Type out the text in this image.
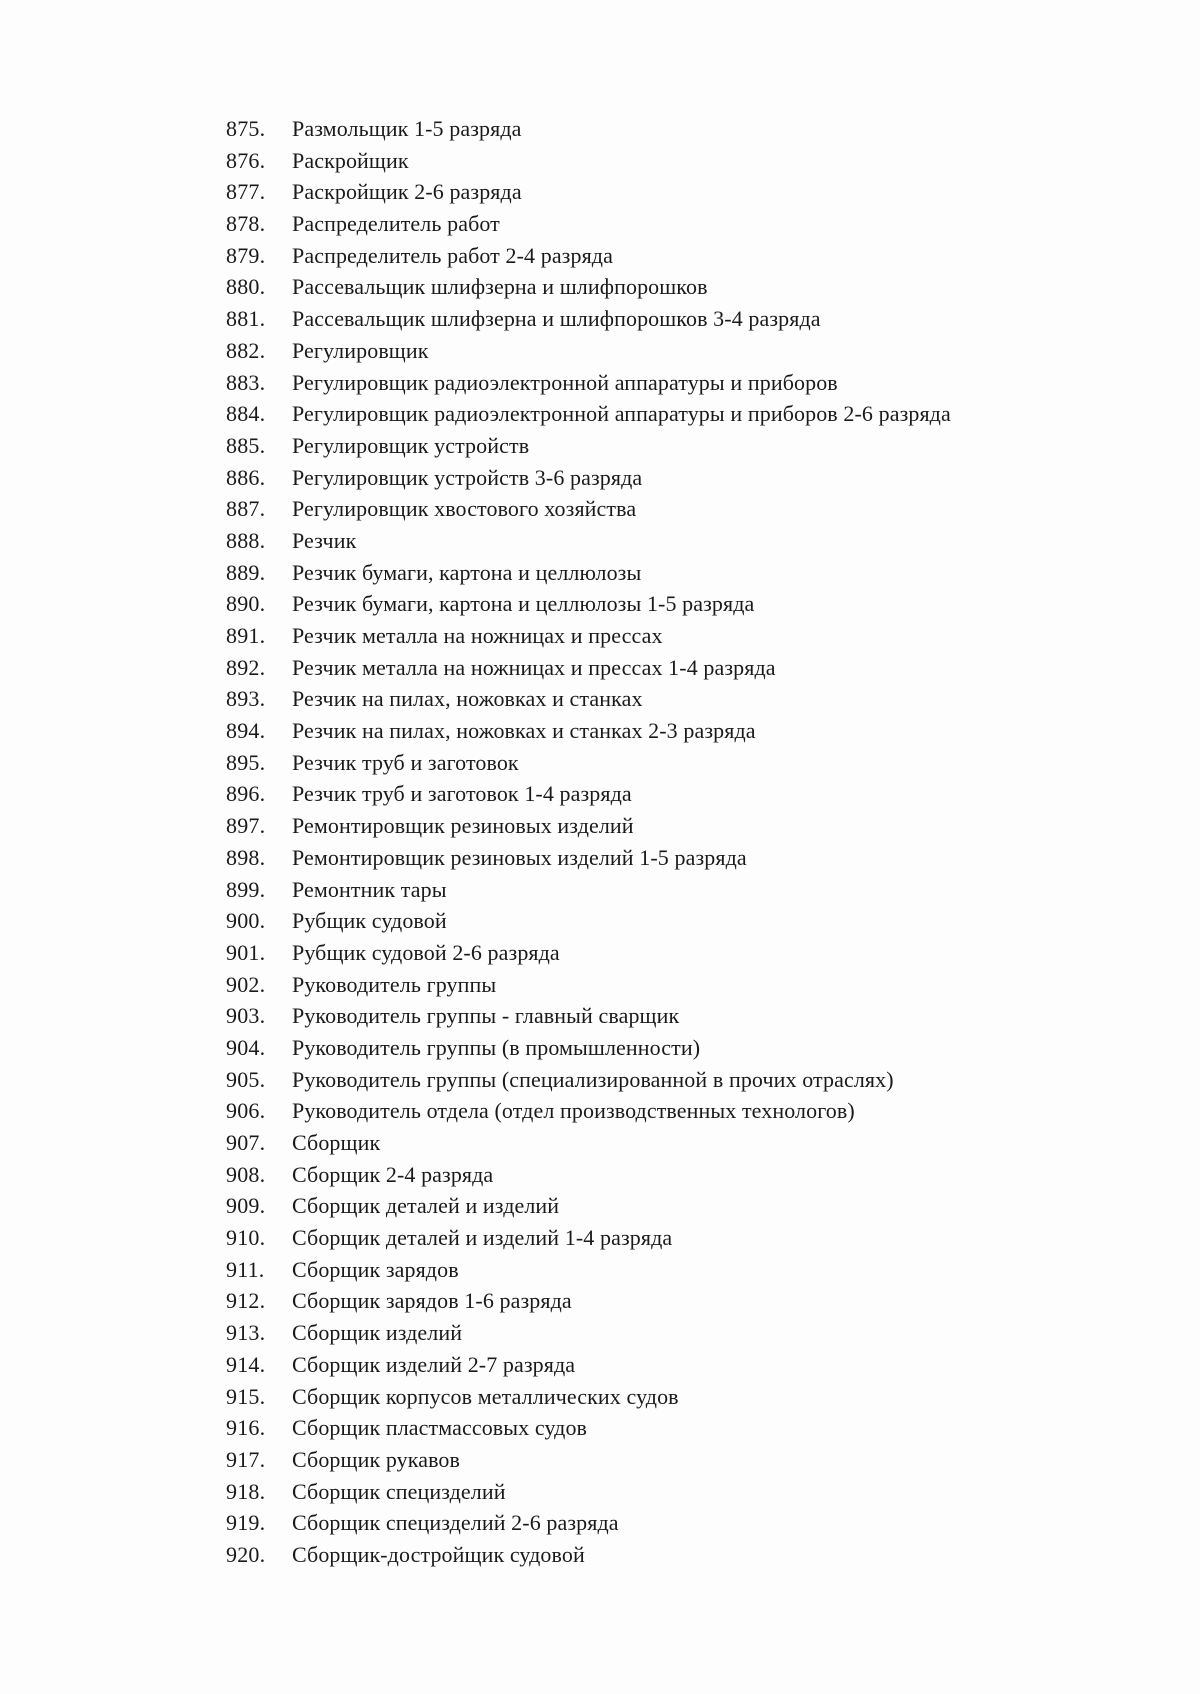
875.	Размольщик 1-5 разряда
876.	Раскройщик
877.	Раскройщик 2-6 разряда
878.	Распределитель работ
879.	Распределитель работ 2-4 разряда
880.	Рассевальщик шлифзерна и шлифпорошков
881.	Рассевальщик шлифзерна и шлифпорошков 3-4 разряда
882.	Регулировщик
883.	Регулировщик радиоэлектронной аппаратуры и приборов
884.	Регулировщик радиоэлектронной аппаратуры и приборов 2-6 разряда
885.	Регулировщик устройств
886.	Регулировщик устройств 3-6 разряда
887.	Регулировщик хвостового хозяйства
888.	Резчик
889.	Резчик бумаги, картона и целлюлозы
890.	Резчик бумаги, картона и целлюлозы 1-5 разряда
891.	Резчик металла на ножницах и прессах
892.	Резчик металла на ножницах и прессах 1-4 разряда
893.	Резчик на пилах, ножовках и станках
894.	Резчик на пилах, ножовках и станках 2-3 разряда
895.	Резчик труб и заготовок
896.	Резчик труб и заготовок 1-4 разряда
897.	Ремонтировщик резиновых изделий
898.	Ремонтировщик резиновых изделий 1-5 разряда
899.	Ремонтник тары
900.	Рубщик судовой
901.	Рубщик судовой 2-6 разряда
902.	Руководитель группы
903.	Руководитель группы - главный сварщик
904.	Руководитель группы (в промышленности)
905.	Руководитель группы (специализированной в прочих отраслях)
906.	Руководитель отдела (отдел производственных технологов)
907.	Сборщик
908.	Сборщик 2-4 разряда
909.	Сборщик деталей и изделий
910.	Сборщик деталей и изделий 1-4 разряда
911.	Сборщик зарядов
912.	Сборщик зарядов 1-6 разряда
913.	Сборщик изделий
914.	Сборщик изделий 2-7 разряда
915.	Сборщик корпусов металлических судов
916.	Сборщик пластмассовых судов
917.	Сборщик рукавов
918.	Сборщик специзделий
919.	Сборщик специзделий 2-6 разряда
920.	Сборщик-достройщик судовой
